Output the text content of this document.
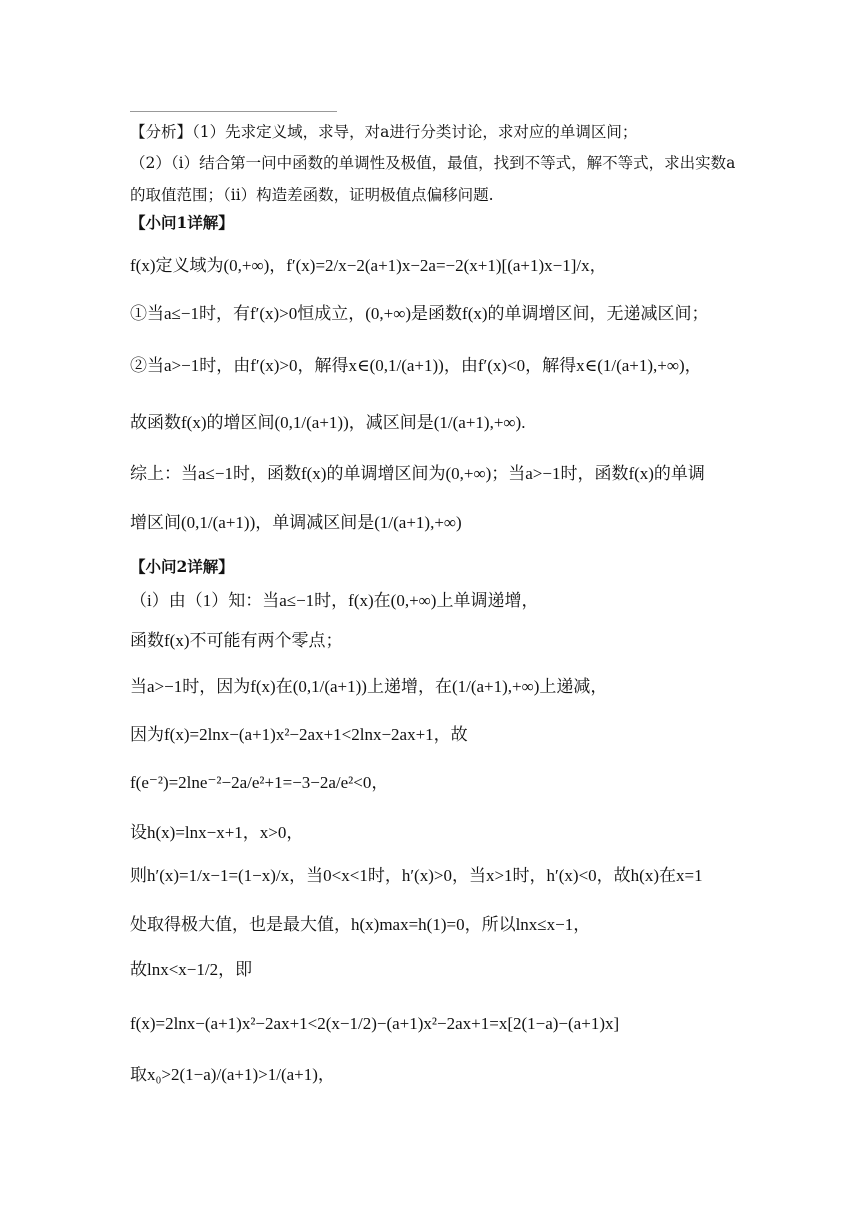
【分析】（1）先求定义域，求导，对a进行分类讨论，求对应的单调区间；
（2）（i）结合第一问中函数的单调性及极值，最值，找到不等式，解不等式，求出实数a
的取值范围；（ii）构造差函数，证明极值点偏移问题.
【小问1详解】
f(x)定义域为(0,+∞)，f′(x)=2/x−2(a+1)x−2a=−2(x+1)[(a+1)x−1]/x，
①当a≤−1时，有f′(x)>0恒成立，(0,+∞)是函数f(x)的单调增区间，无递减区间；
②当a>−1时，由f′(x)>0，解得x∈(0,1/(a+1))，由f′(x)<0，解得x∈(1/(a+1),+∞)，
故函数f(x)的增区间(0,1/(a+1))，减区间是(1/(a+1),+∞).
综上：当a≤−1时，函数f(x)的单调增区间为(0,+∞)；当a>−1时，函数f(x)的单调
增区间(0,1/(a+1))，单调减区间是(1/(a+1),+∞)
【小问2详解】
（i）由（1）知：当a≤−1时，f(x)在(0,+∞)上单调递增，
函数f(x)不可能有两个零点；
当a>−1时，因为f(x)在(0,1/(a+1))上递增，在(1/(a+1),+∞)上递减，
因为f(x)=2lnx−(a+1)x²−2ax+1<2lnx−2ax+1，故
f(e⁻²)=2lne⁻²−2a/e²+1=−3−2a/e²<0，
设h(x)=lnx−x+1，x>0，
则h′(x)=1/x−1=(1−x)/x，当0<x<1时，h′(x)>0，当x>1时，h′(x)<0，故h(x)在x=1
处取得极大值，也是最大值，h(x)max=h(1)=0，所以lnx≤x−1，
故lnx<x−1/2，即
f(x)=2lnx−(a+1)x²−2ax+1<2(x−1/2)−(a+1)x²−2ax+1=x[2(1−a)−(a+1)x]
取x₀>2(1−a)/(a+1)>1/(a+1)，
